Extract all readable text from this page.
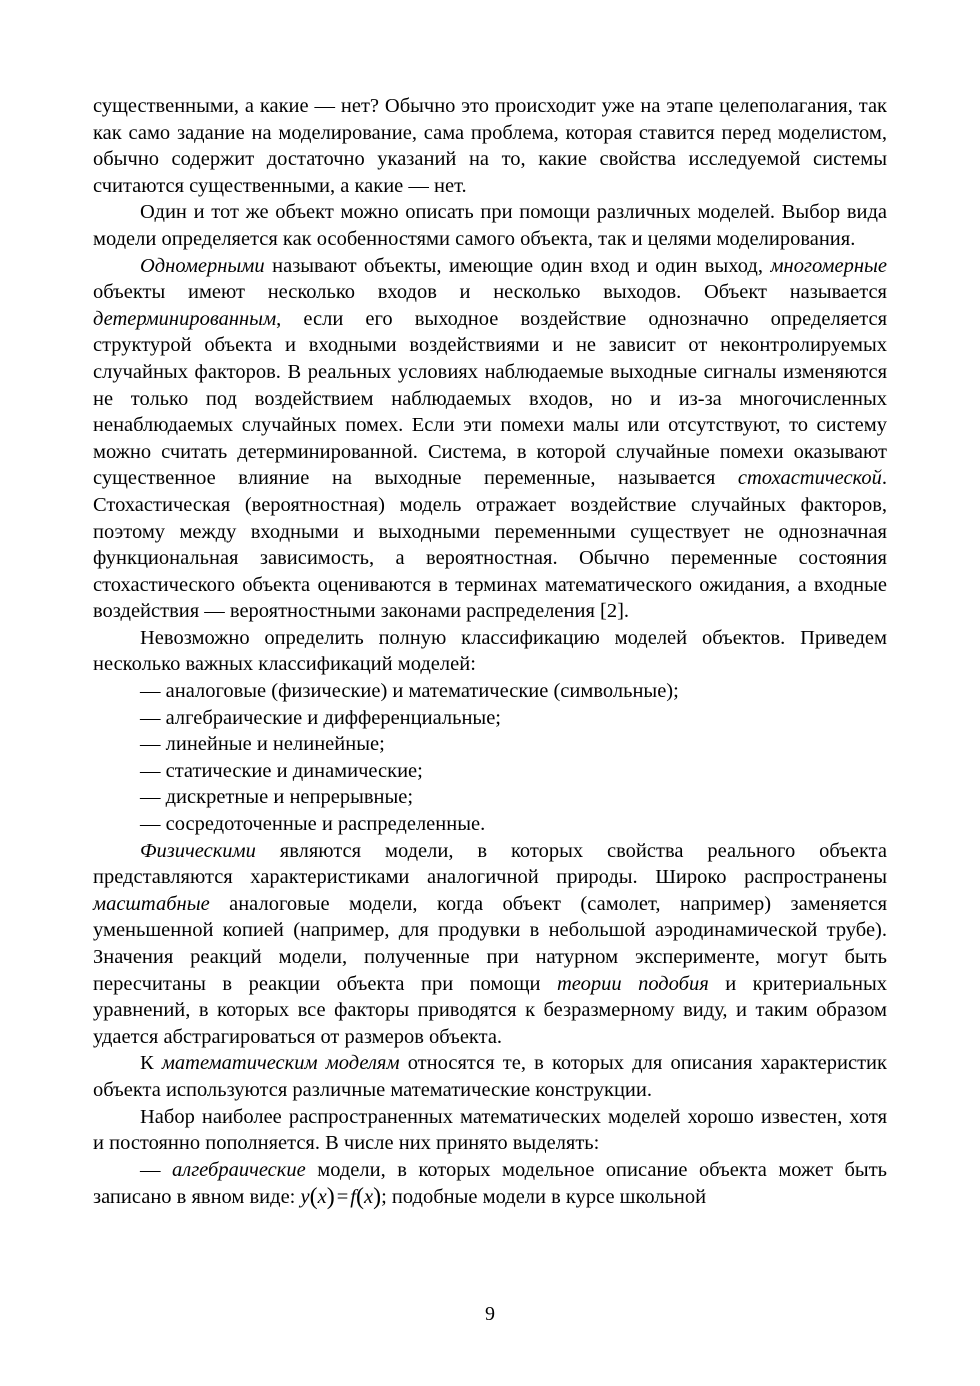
существенными, а какие — нет? Обычно это происходит уже на этапе целеполагания, так как само задание на моделирование, сама проблема, которая ставится перед моделистом, обычно содержит достаточно указаний на то, какие свойства исследуемой системы считаются существенными, а какие — нет.

Один и тот же объект можно описать при помощи различных моделей. Выбор вида модели определяется как особенностями самого объекта, так и целями моделирования.

Одномерными называют объекты, имеющие один вход и один выход, многомерные объекты имеют несколько входов и несколько выходов. Объект называется детерминированным, если его выходное воздействие однозначно определяется структурой объекта и входными воздействиями и не зависит от неконтролируемых случайных факторов. В реальных условиях наблюдаемые выходные сигналы изменяются не только под воздействием наблюдаемых входов, но и из-за многочисленных ненаблюдаемых случайных помех. Если эти помехи малы или отсутствуют, то систему можно считать детерминированной. Система, в которой случайные помехи оказывают существенное влияние на выходные переменные, называется стохастической. Стохастическая (вероятностная) модель отражает воздействие случайных факторов, поэтому между входными и выходными переменными существует не однозначная функциональная зависимость, а вероятностная. Обычно переменные состояния стохастического объекта оцениваются в терминах математического ожидания, а входные воздействия — вероятностными законами распределения [2].

Невозможно определить полную классификацию моделей объектов. Приведем несколько важных классификаций моделей:

— аналоговые (физические) и математические (символьные);

— алгебраические и дифференциальные;

— линейные и нелинейные;

— статические и динамические;

— дискретные и непрерывные;

— сосредоточенные и распределенные.

Физическими являются модели, в которых свойства реального объекта представляются характеристиками аналогичной природы. Широко распространены масштабные аналоговые модели, когда объект (самолет, например) заменяется уменьшенной копией (например, для продувки в небольшой аэродинамической трубе). Значения реакций модели, полученные при натурном эксперименте, могут быть пересчитаны в реакции объекта при помощи теории подобия и критериальных уравнений, в которых все факторы приводятся к безразмерному виду, и таким образом удается абстрагироваться от размеров объекта.

К математическим моделям относятся те, в которых для описания характеристик объекта используются различные математические конструкции.

Набор наиболее распространенных математических моделей хорошо известен, хотя и постоянно пополняется. В числе них принято выделять:

— алгебраические модели, в которых модельное описание объекта может быть записано в явном виде: y(x)=f(x); подобные модели в курсе школьной

9
